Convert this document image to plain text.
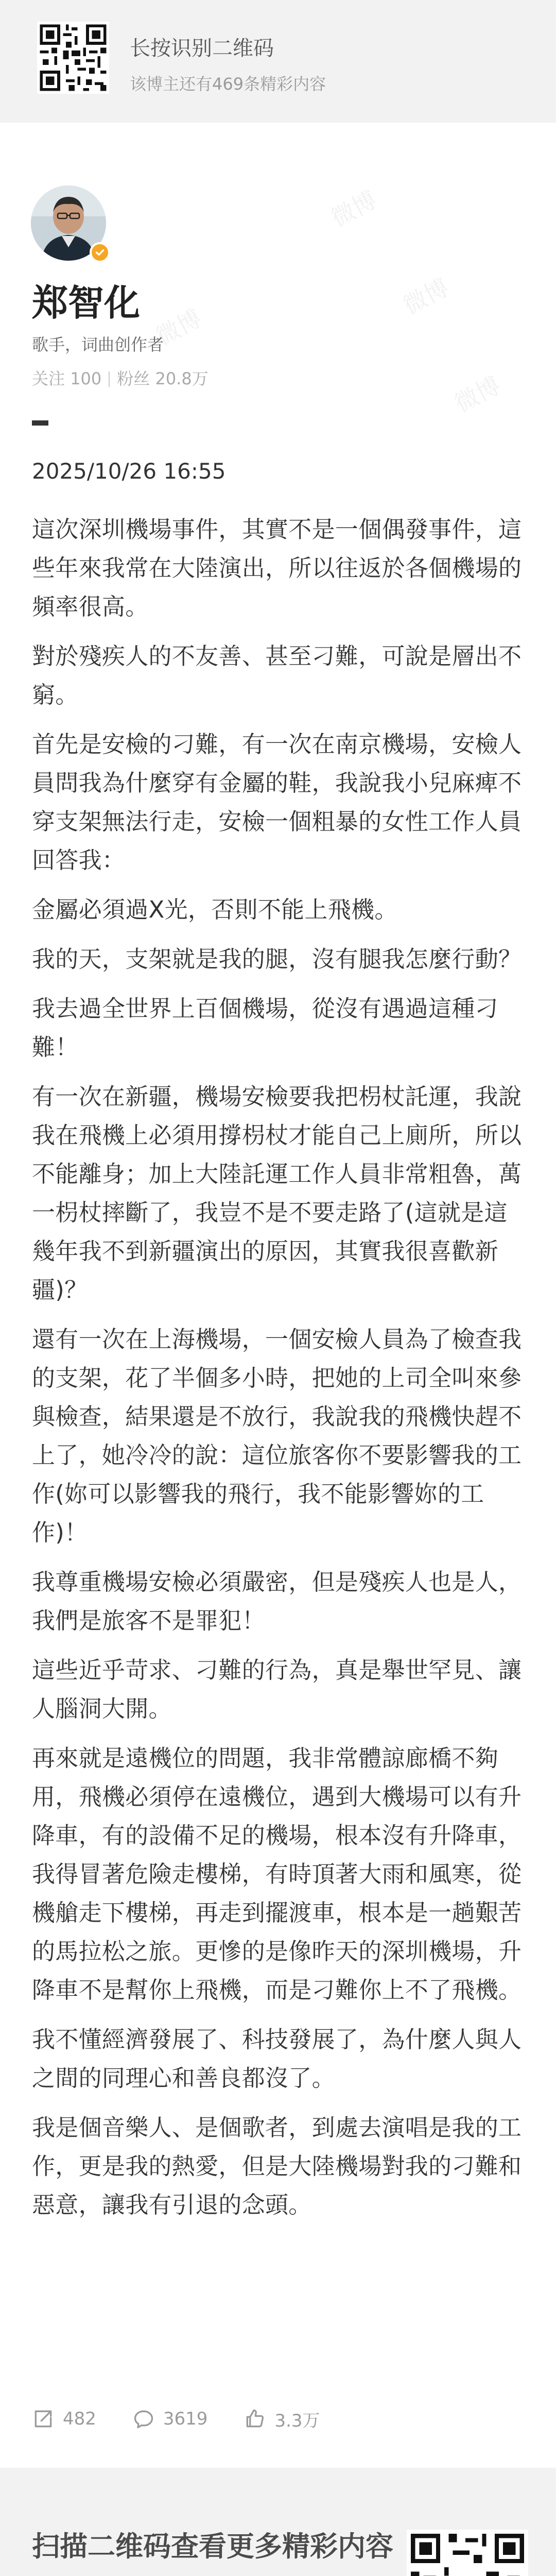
长按识别二维码
该博主还有469条精彩内容
微博
微博
微博
微博
郑智化
歌手，词曲创作者
关注 100 粉丝 20.8万
2025/10/26 16:55

這次深圳機場事件，其實不是一個偶發事件，這些年來我常在大陸演出，所以往返於各個機場的頻率很高。

對於殘疾人的不友善、甚至刁難，可說是層出不窮。

首先是安檢的刁難，有一次在南京機場，安檢人員問我為什麼穿有金屬的鞋，我說我小兒麻痺不穿支架無法行走，安檢一個粗暴的女性工作人員回答我：

金屬必須過X光，否則不能上飛機。

我的天，支架就是我的腿，沒有腿我怎麼行動？

我去過全世界上百個機場，從沒有遇過這種刁難！

有一次在新疆，機場安檢要我把枴杖託運，我說我在飛機上必須用撐枴杖才能自己上廁所，所以不能離身；加上大陸託運工作人員非常粗魯，萬一枴杖摔斷了，我豈不是不要走路了(這就是這幾年我不到新疆演出的原因，其實我很喜歡新疆)？

還有一次在上海機場，一個安檢人員為了檢查我的支架，花了半個多小時，把她的上司全叫來參與檢查，結果還是不放行，我說我的飛機快趕不上了，她冷冷的說：這位旅客你不要影響我的工作(妳可以影響我的飛行，我不能影響妳的工作)！

我尊重機場安檢必須嚴密，但是殘疾人也是人，我們是旅客不是罪犯！

這些近乎苛求、刁難的行為，真是舉世罕見、讓人腦洞大開。

再來就是遠機位的問題，我非常體諒廊橋不夠用，飛機必須停在遠機位，遇到大機場可以有升降車，有的設備不足的機場，根本沒有升降車，我得冒著危險走樓梯，有時頂著大雨和風寒，從機艙走下樓梯，再走到擺渡車，根本是一趟艱苦的馬拉松之旅。更慘的是像昨天的深圳機場，升降車不是幫你上飛機，而是刁難你上不了飛機。

我不懂經濟發展了、科技發展了，為什麼人與人之間的同理心和善良都沒了。

我是個音樂人、是個歌者，到處去演唱是我的工作，更是我的熱愛，但是大陸機場對我的刁難和惡意，讓我有引退的念頭。

482	3619	3.3万
扫描二维码查看更多精彩内容
